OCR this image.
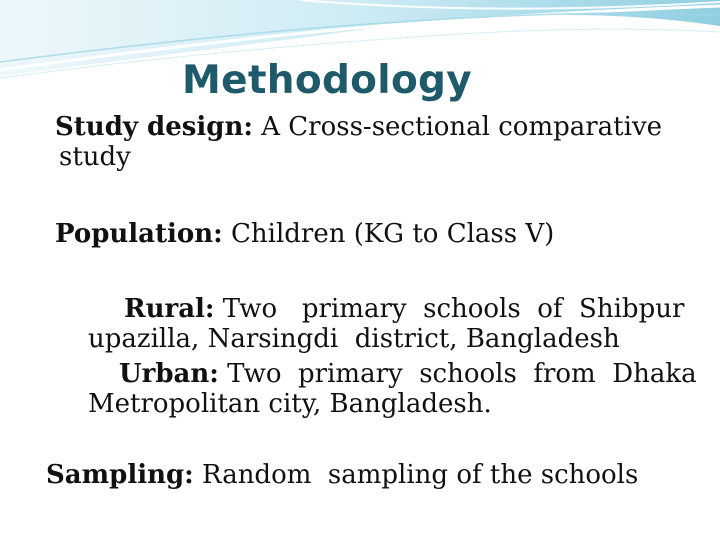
Methodology
Study design: A Cross-sectional comparative
study
Population: Children (KG to Class V)
Rural: Two   primary  schools  of  Shibpur
upazilla, Narsingdi  district, Bangladesh
Urban: Two  primary  schools  from  Dhaka
Metropolitan city, Bangladesh.
Sampling: Random  sampling of the schools
